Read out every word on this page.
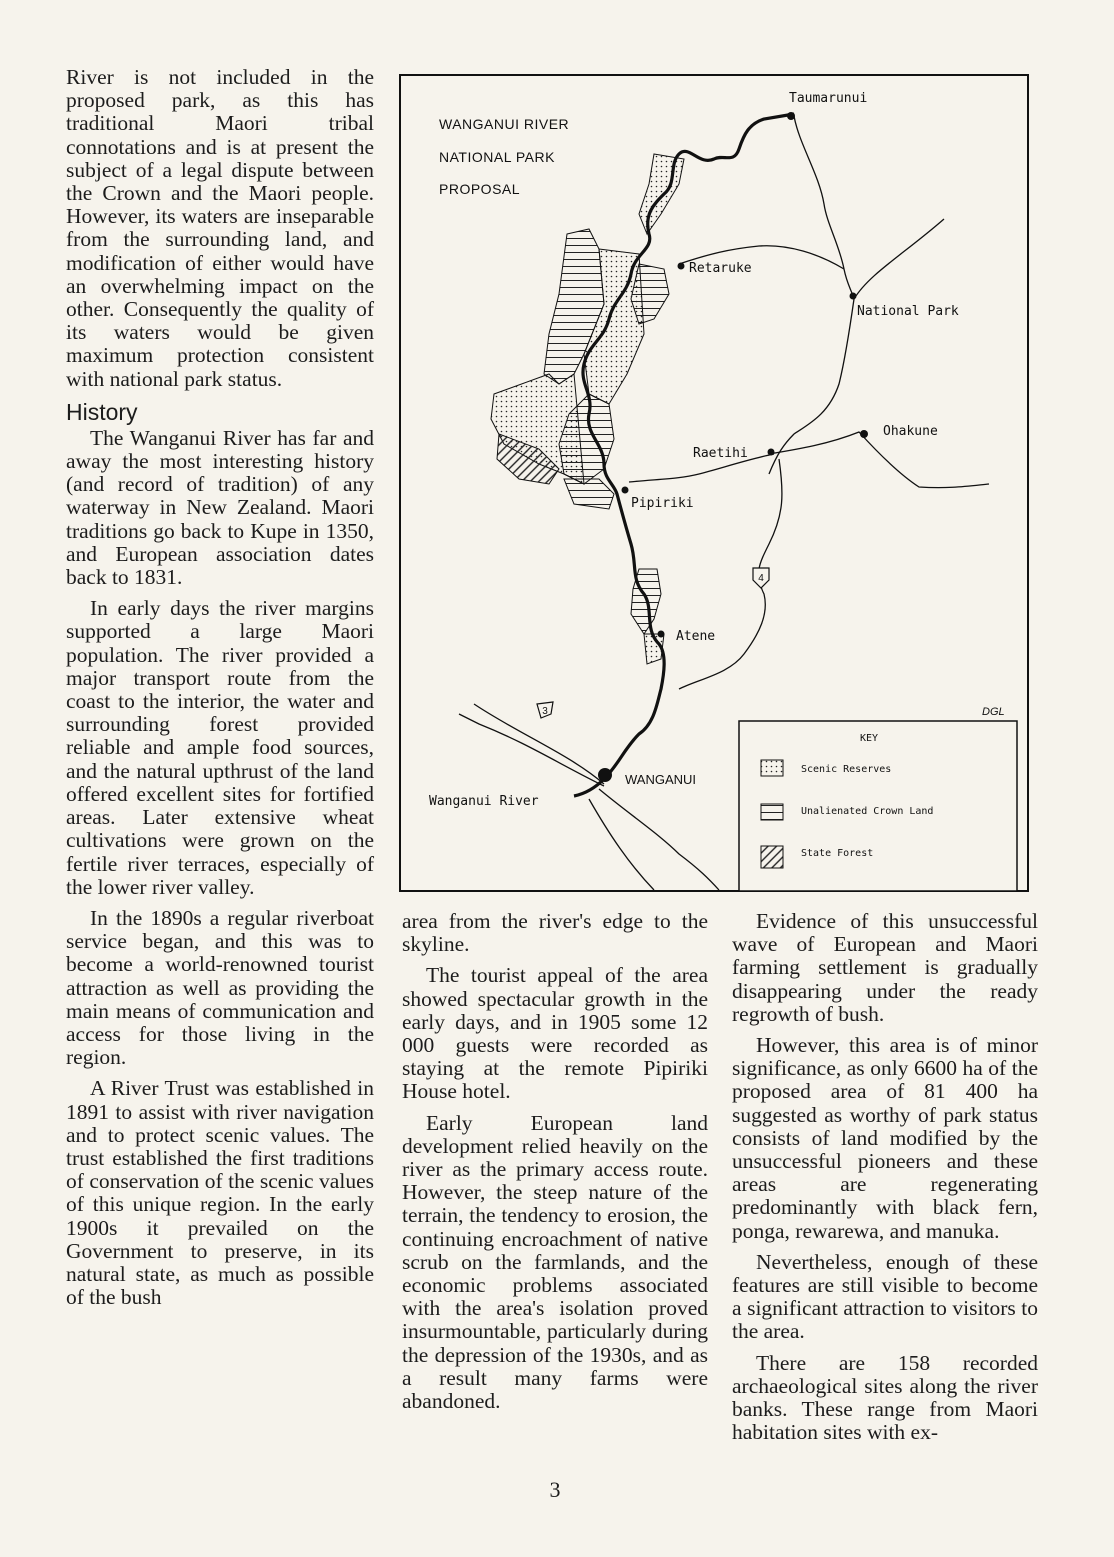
River is not included in the proposed park, as this has traditional Maori tribal connotations and is at present the subject of a legal dispute between the Crown and the Maori people. However, its waters are inseparable from the surrounding land, and modification of either would have an overwhelming impact on the other. Consequently the quality of its waters would be given maximum protection consistent with national park status.

History

The Wanganui River has far and away the most interesting history (and record of tradition) of any waterway in New Zealand. Maori traditions go back to Kupe in 1350, and European association dates back to 1831.

In early days the river margins supported a large Maori population. The river provided a major transport route from the coast to the interior, the water and surrounding forest provided reliable and ample food sources, and the natural upthrust of the land offered excellent sites for fortified areas. Later extensive wheat cultivations were grown on the fertile river terraces, especially of the lower river valley.

In the 1890s a regular riverboat service began, and this was to become a world-renowned tourist attraction as well as providing the main means of communication and access for those living in the region.

A River Trust was established in 1891 to assist with river navigation and to protect scenic values. The trust established the first traditions of conservation of the scenic values of this unique region. In the early 1900s it prevailed on the Government to preserve, in its natural state, as much as possible of the bush

WANGANUI RIVER
NATIONAL PARK
PROPOSAL
Taumarunui
Retaruke
National Park
Ohakune
Raetihi
Pipiriki
Atene
WANGANUI
Wanganui River
4
3	DGL
KEY
Scenic Reserves
Unalienated Crown Land
State Forest

area from the river's edge to the skyline.

The tourist appeal of the area showed spectacular growth in the early days, and in 1905 some 12 000 guests were recorded as staying at the remote Pipiriki House hotel.

Early European land development relied heavily on the river as the primary access route. However, the steep nature of the terrain, the tendency to erosion, the continuing encroachment of native scrub on the farmlands, and the economic problems associated with the area's isolation proved insurmountable, particularly during the depression of the 1930s, and as a result many farms were abandoned.

Evidence of this unsuccessful wave of European and Maori farming settlement is gradually disappearing under the ready regrowth of bush.

However, this area is of minor significance, as only 6600 ha of the proposed area of 81 400 ha suggested as worthy of park status consists of land modified by the unsuccessful pioneers and these areas are regenerating predominantly with black fern, ponga, rewarewa, and manuka.

Nevertheless, enough of these features are still visible to become a significant attraction to visitors to the area.

There are 158 recorded archaeological sites along the river banks. These range from Maori habitation sites with ex-

3
